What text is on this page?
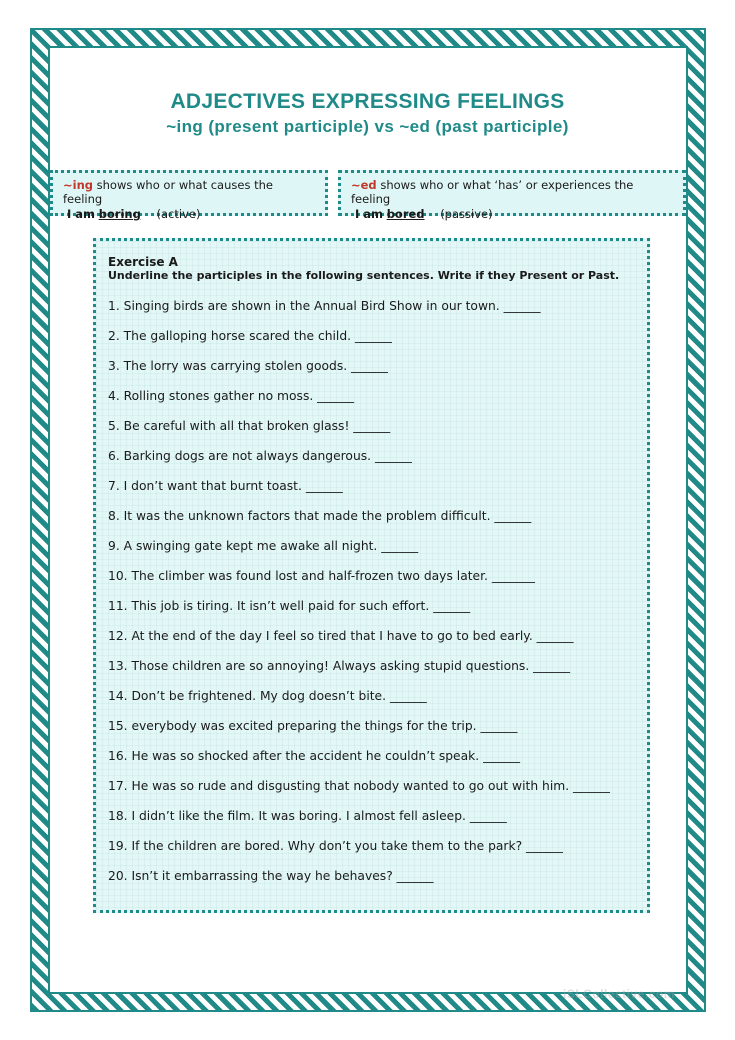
ADJECTIVES EXPRESSING FEELINGS
~ing (present participle) vs ~ed (past participle)
~ing shows who or what causes the feeling
I am boring (active)
~ed shows who or what ‘has’ or experiences the feeling
I am bored (passive)
Exercise A
Underline the participles in the following sentences. Write if they Present or Past.
1. Singing birds are shown in the Annual Bird Show in our town. ______
2. The galloping horse scared the child. ______
3. The lorry was carrying stolen goods. ______
4. Rolling stones gather no moss. ______
5. Be careful with all that broken glass! ______
6. Barking dogs are not always dangerous. ______
7. I don’t want that burnt toast. ______
8. It was the unknown factors that made the problem difficult. ______
9. A swinging gate kept me awake all night. ______
10. The climber was found lost and half-frozen two days later. _______
11. This job is tiring. It isn’t well paid for such effort. ______
12. At the end of the day I feel so tired that I have to go to bed early. ______
13. Those children are so annoying! Always asking stupid questions. ______
14. Don’t be frightened. My dog doesn’t bite. ______
15. everybody was excited preparing the things for the trip. ______
16. He was so shocked after the accident he couldn’t speak. ______
17. He was so rude and disgusting that nobody wanted to go out with him. ______
18. I didn’t like the film. It was boring. I almost fell asleep. ______
19. If the children are bored. Why don’t you take them to the park? ______
20. Isn’t it embarrassing the way he behaves? ______
iSLCollective.com
